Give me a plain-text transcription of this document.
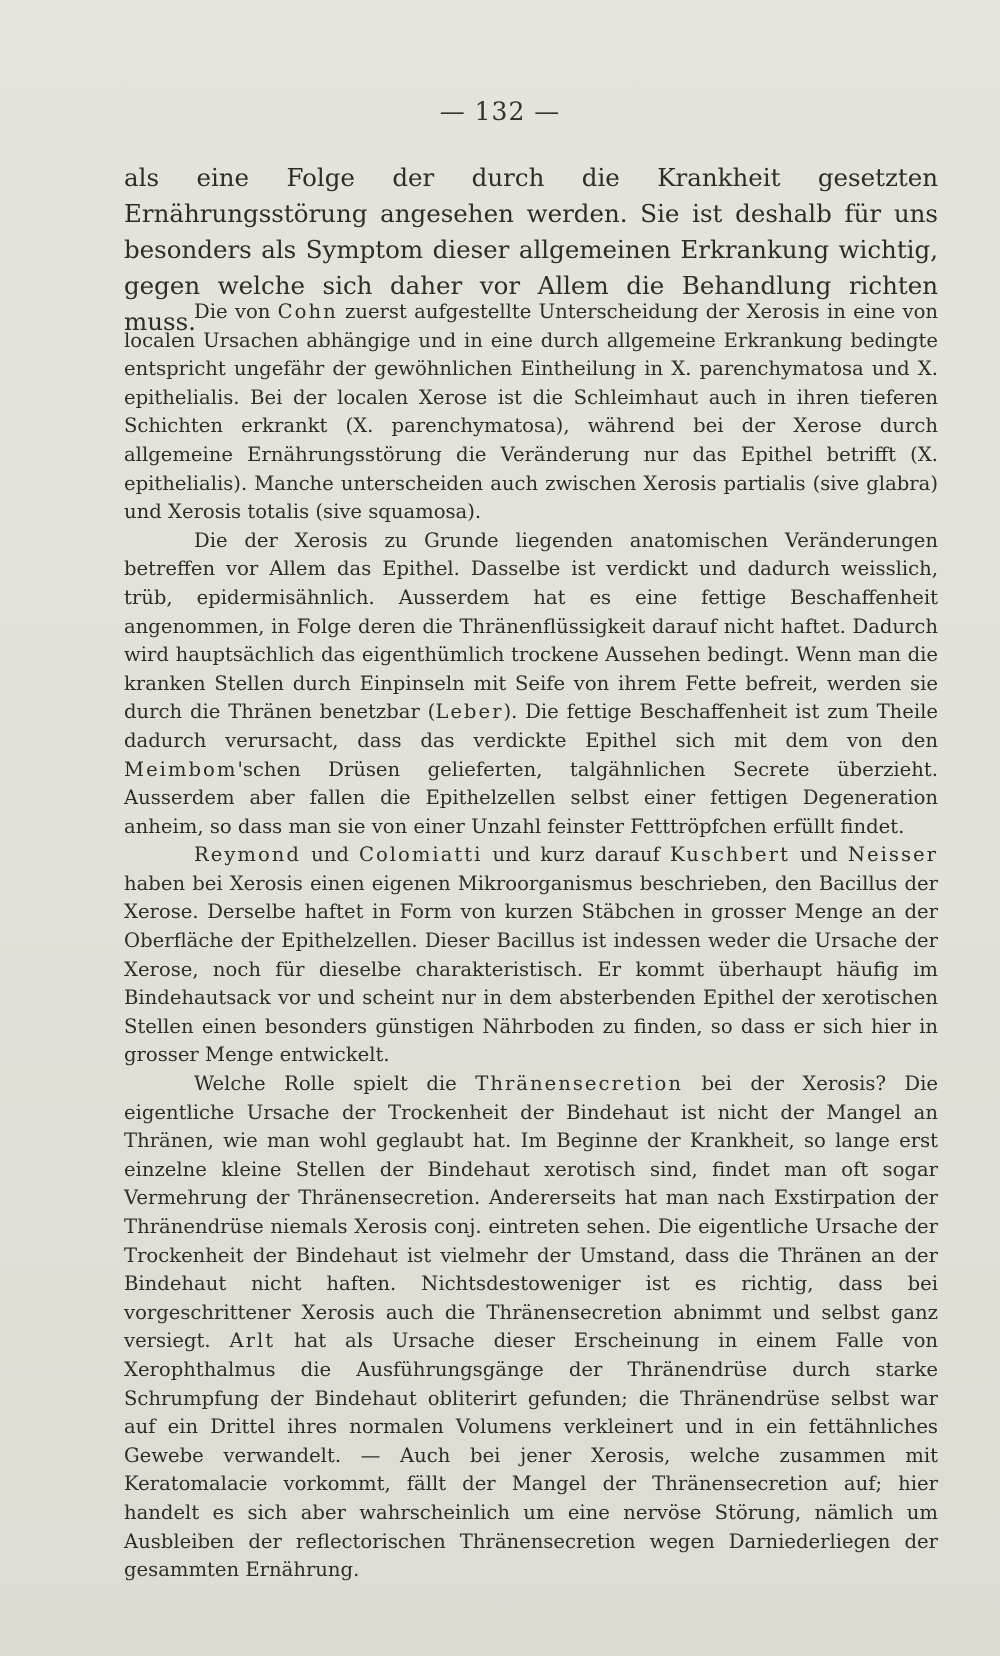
— 132 —

als eine Folge der durch die Krankheit gesetzten Ernährungsstörung angesehen werden. Sie ist deshalb für uns besonders als Symptom dieser allgemeinen Erkrankung wichtig, gegen welche sich daher vor Allem die Behandlung richten muss.

Die von Cohn zuerst aufgestellte Unterscheidung der Xerosis in eine von localen Ursachen abhängige und in eine durch allgemeine Erkrankung bedingte entspricht ungefähr der gewöhnlichen Eintheilung in X. parenchymatosa und X. epithelialis. Bei der localen Xerose ist die Schleimhaut auch in ihren tieferen Schichten erkrankt (X. parenchymatosa), während bei der Xerose durch allgemeine Ernährungsstörung die Veränderung nur das Epithel betrifft (X. epithelialis). Manche unterscheiden auch zwischen Xerosis partialis (sive glabra) und Xerosis totalis (sive squamosa).

Die der Xerosis zu Grunde liegenden anatomischen Veränderungen betreffen vor Allem das Epithel. Dasselbe ist verdickt und dadurch weisslich, trüb, epidermisähnlich. Ausserdem hat es eine fettige Beschaffenheit angenommen, in Folge deren die Thränenflüssigkeit darauf nicht haftet. Dadurch wird hauptsächlich das eigenthümlich trockene Aussehen bedingt. Wenn man die kranken Stellen durch Einpinseln mit Seife von ihrem Fette befreit, werden sie durch die Thränen benetzbar (Leber). Die fettige Beschaffenheit ist zum Theile dadurch verursacht, dass das verdickte Epithel sich mit dem von den Meimbom'schen Drüsen gelieferten, talgähnlichen Secrete überzieht. Ausserdem aber fallen die Epithelzellen selbst einer fettigen Degeneration anheim, so dass man sie von einer Unzahl feinster Fetttröpfchen erfüllt findet.

Reymond und Colomiatti und kurz darauf Kuschbert und Neisser haben bei Xerosis einen eigenen Mikroorganismus beschrieben, den Bacillus der Xerose. Derselbe haftet in Form von kurzen Stäbchen in grosser Menge an der Oberfläche der Epithelzellen. Dieser Bacillus ist indessen weder die Ursache der Xerose, noch für dieselbe charakteristisch. Er kommt überhaupt häufig im Bindehautsack vor und scheint nur in dem absterbenden Epithel der xerotischen Stellen einen besonders günstigen Nährboden zu finden, so dass er sich hier in grosser Menge entwickelt.

Welche Rolle spielt die Thränensecretion bei der Xerosis? Die eigentliche Ursache der Trockenheit der Bindehaut ist nicht der Mangel an Thränen, wie man wohl geglaubt hat. Im Beginne der Krankheit, so lange erst einzelne kleine Stellen der Bindehaut xerotisch sind, findet man oft sogar Vermehrung der Thränensecretion. Andererseits hat man nach Exstirpation der Thränendrüse niemals Xerosis conj. eintreten sehen. Die eigentliche Ursache der Trockenheit der Bindehaut ist vielmehr der Umstand, dass die Thränen an der Bindehaut nicht haften. Nichtsdestoweniger ist es richtig, dass bei vorgeschrittener Xerosis auch die Thränensecretion abnimmt und selbst ganz versiegt. Arlt hat als Ursache dieser Erscheinung in einem Falle von Xerophthalmus die Ausführungsgänge der Thränendrüse durch starke Schrumpfung der Bindehaut obliterirt gefunden; die Thränendrüse selbst war auf ein Drittel ihres normalen Volumens verkleinert und in ein fettähnliches Gewebe verwandelt. — Auch bei jener Xerosis, welche zusammen mit Keratomalacie vorkommt, fällt der Mangel der Thränensecretion auf; hier handelt es sich aber wahrscheinlich um eine nervöse Störung, nämlich um Ausbleiben der reflectorischen Thränensecretion wegen Darniederliegen der gesammten Ernährung.
